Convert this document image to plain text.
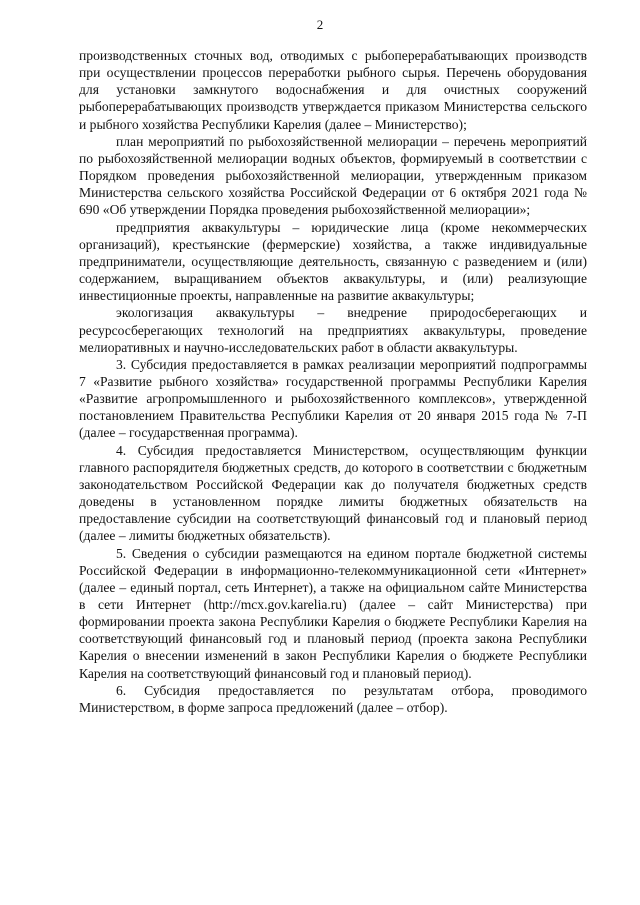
2

производственных сточных вод, отводимых с рыбоперерабатывающих производств при осуществлении процессов переработки рыбного сырья. Перечень оборудования для установки замкнутого водоснабжения и для очистных сооружений рыбоперерабатывающих производств утверждается приказом Министерства сельского и рыбного хозяйства Республики Карелия (далее – Министерство);

план мероприятий по рыбохозяйственной мелиорации – перечень мероприятий по рыбохозяйственной мелиорации водных объектов, формируемый в соответствии с Порядком проведения рыбохозяйственной мелиорации, утвержденным приказом Министерства сельского хозяйства Российской Федерации от 6 октября 2021 года № 690 «Об утверждении Порядка проведения рыбохозяйственной мелиорации»;

предприятия аквакультуры – юридические лица (кроме некоммерческих организаций), крестьянские (фермерские) хозяйства, а также индивидуальные предприниматели, осуществляющие деятельность, связанную с разведением и (или) содержанием, выращиванием объектов аквакультуры, и (или) реализующие инвестиционные проекты, направленные на развитие аквакультуры;

экологизация аквакультуры – внедрение природосберегающих и ресурсосберегающих технологий на предприятиях аквакультуры, проведение мелиоративных и научно-исследовательских работ в области аквакультуры.

3. Субсидия предоставляется в рамках реализации мероприятий подпрограммы 7 «Развитие рыбного хозяйства» государственной программы Республики Карелия «Развитие агропромышленного и рыбохозяйственного комплексов», утвержденной постановлением Правительства Республики Карелия от 20 января 2015 года № 7-П (далее – государственная программа).

4. Субсидия предоставляется Министерством, осуществляющим функции главного распорядителя бюджетных средств, до которого в соответствии с бюджетным законодательством Российской Федерации как до получателя бюджетных средств доведены в установленном порядке лимиты бюджетных обязательств на предоставление субсидии на соответствующий финансовый год и плановый период (далее – лимиты бюджетных обязательств).

5. Сведения о субсидии размещаются на едином портале бюджетной системы Российской Федерации в информационно-телекоммуникационной сети «Интернет» (далее – единый портал, сеть Интернет), а также на официальном сайте Министерства в сети Интернет (http://mcx.gov.karelia.ru) (далее – сайт Министерства) при формировании проекта закона Республики Карелия о бюджете Республики Карелия на соответствующий финансовый год и плановый период (проекта закона Республики Карелия о внесении изменений в закон Республики Карелия о бюджете Республики Карелия на соответствующий финансовый год и плановый период).

6. Субсидия предоставляется по результатам отбора, проводимого Министерством, в форме запроса предложений (далее – отбор).
